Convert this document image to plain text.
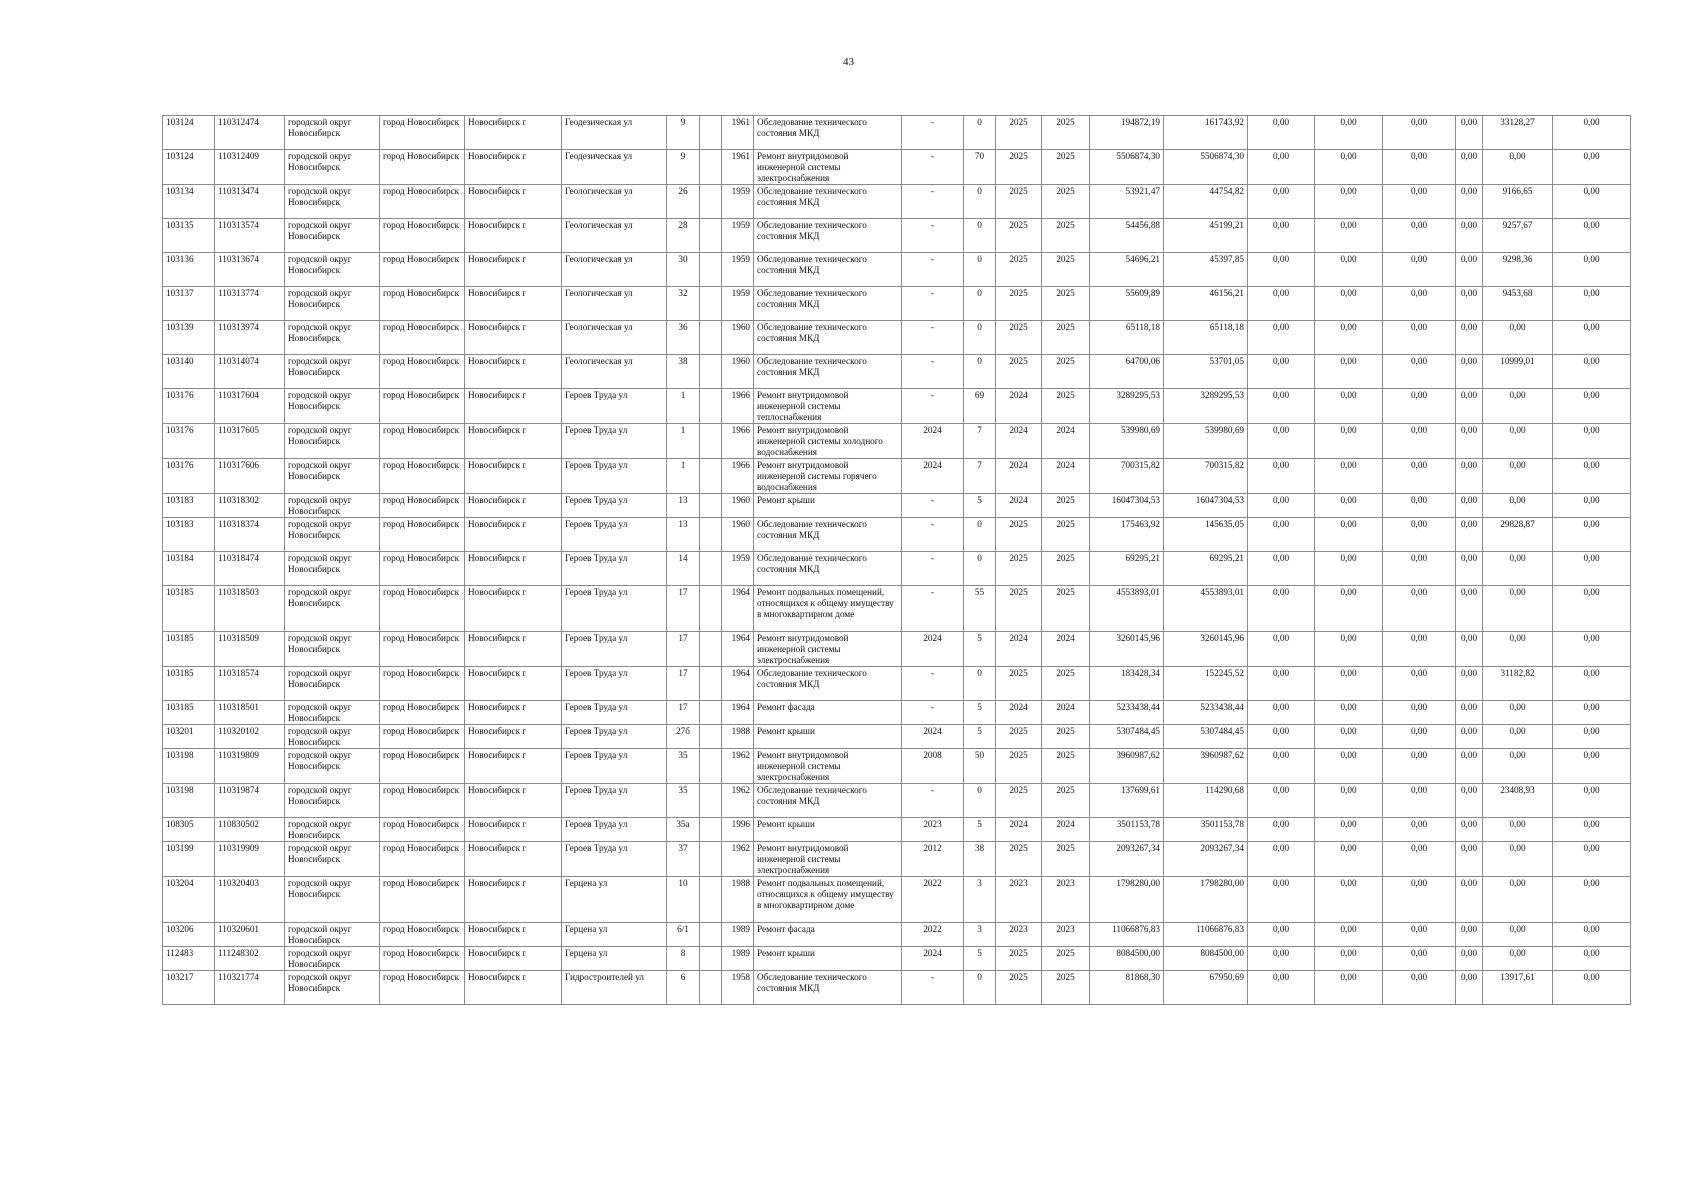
43
103124	110312474	городской округ Новосибирск	город Новосибирск	Новосибирск г	Геодезическая ул	9		1961	Обследование технического состояния МКД	-	0	2025	2025	194872,19	161743,92	0,00	0,00	0,00	0,00	33128,27	0,00
103124	110312409	городской округ Новосибирск	город Новосибирск	Новосибирск г	Геодезическая ул	9		1961	Ремонт внутридомовой инженерной системы электроснабжения	-	70	2025	2025	5506874,30	5506874,30	0,00	0,00	0,00	0,00	0,00	0,00
103134	110313474	городской округ Новосибирск	город Новосибирск	Новосибирск г	Геологическая ул	26		1959	Обследование технического состояния МКД	-	0	2025	2025	53921,47	44754,82	0,00	0,00	0,00	0,00	9166,65	0,00
103135	110313574	городской округ Новосибирск	город Новосибирск	Новосибирск г	Геологическая ул	28		1959	Обследование технического состояния МКД	-	0	2025	2025	54456,88	45199,21	0,00	0,00	0,00	0,00	9257,67	0,00
103136	110313674	городской округ Новосибирск	город Новосибирск	Новосибирск г	Геологическая ул	30		1959	Обследование технического состояния МКД	-	0	2025	2025	54696,21	45397,85	0,00	0,00	0,00	0,00	9298,36	0,00
103137	110313774	городской округ Новосибирск	город Новосибирск	Новосибирск г	Геологическая ул	32		1959	Обследование технического состояния МКД	-	0	2025	2025	55609,89	46156,21	0,00	0,00	0,00	0,00	9453,68	0,00
103139	110313974	городской округ Новосибирск	город Новосибирск	Новосибирск г	Геологическая ул	36		1960	Обследование технического состояния МКД	-	0	2025	2025	65118,18	65118,18	0,00	0,00	0,00	0,00	0,00	0,00
103140	110314074	городской округ Новосибирск	город Новосибирск	Новосибирск г	Геологическая ул	38		1960	Обследование технического состояния МКД	-	0	2025	2025	64700,06	53701,05	0,00	0,00	0,00	0,00	10999,01	0,00
103176	110317604	городской округ Новосибирск	город Новосибирск	Новосибирск г	Героев Труда ул	1		1966	Ремонт внутридомовой инженерной системы теплоснабжения	-	69	2024	2025	3289295,53	3289295,53	0,00	0,00	0,00	0,00	0,00	0,00
103176	110317605	городской округ Новосибирск	город Новосибирск	Новосибирск г	Героев Труда ул	1		1966	Ремонт внутридомовой инженерной системы холодного водоснабжения	2024	7	2024	2024	539980,69	539980,69	0,00	0,00	0,00	0,00	0,00	0,00
103176	110317606	городской округ Новосибирск	город Новосибирск	Новосибирск г	Героев Труда ул	1		1966	Ремонт внутридомовой инженерной системы горячего водоснабжения	2024	7	2024	2024	700315,82	700315,82	0,00	0,00	0,00	0,00	0,00	0,00
103183	110318302	городской округ Новосибирск	город Новосибирск	Новосибирск г	Героев Труда ул	13		1960	Ремонт крыши	-	5	2024	2025	16047304,53	16047304,53	0,00	0,00	0,00	0,00	0,00	0,00
103183	110318374	городской округ Новосибирск	город Новосибирск	Новосибирск г	Героев Труда ул	13		1960	Обследование технического состояния МКД	-	0	2025	2025	175463,92	145635,05	0,00	0,00	0,00	0,00	29828,87	0,00
103184	110318474	городской округ Новосибирск	город Новосибирск	Новосибирск г	Героев Труда ул	14		1959	Обследование технического состояния МКД	-	0	2025	2025	69295,21	69295,21	0,00	0,00	0,00	0,00	0,00	0,00
103185	110318503	городской округ Новосибирск	город Новосибирск	Новосибирск г	Героев Труда ул	17		1964	Ремонт подвальных помещений, относящихся к общему имуществу в многоквартирном доме	-	55	2025	2025	4553893,01	4553893,01	0,00	0,00	0,00	0,00	0,00	0,00
103185	110318509	городской округ Новосибирск	город Новосибирск	Новосибирск г	Героев Труда ул	17		1964	Ремонт внутридомовой инженерной системы электроснабжения	2024	5	2024	2024	3260145,96	3260145,96	0,00	0,00	0,00	0,00	0,00	0,00
103185	110318574	городской округ Новосибирск	город Новосибирск	Новосибирск г	Героев Труда ул	17		1964	Обследование технического состояния МКД	-	0	2025	2025	183428,34	152245,52	0,00	0,00	0,00	0,00	31182,82	0,00
103185	110318501	городской округ Новосибирск	город Новосибирск	Новосибирск г	Героев Труда ул	17		1964	Ремонт фасада	-	5	2024	2024	5233438,44	5233438,44	0,00	0,00	0,00	0,00	0,00	0,00
103201	110320102	городской округ Новосибирск	город Новосибирск	Новосибирск г	Героев Труда ул	27б		1988	Ремонт крыши	2024	5	2025	2025	5307484,45	5307484,45	0,00	0,00	0,00	0,00	0,00	0,00
103198	110319809	городской округ Новосибирск	город Новосибирск	Новосибирск г	Героев Труда ул	35		1962	Ремонт внутридомовой инженерной системы электроснабжения	2008	50	2025	2025	3960987,62	3960987,62	0,00	0,00	0,00	0,00	0,00	0,00
103198	110319874	городской округ Новосибирск	город Новосибирск	Новосибирск г	Героев Труда ул	35		1962	Обследование технического состояния МКД	-	0	2025	2025	137699,61	114290,68	0,00	0,00	0,00	0,00	23408,93	0,00
108305	110830502	городской округ Новосибирск	город Новосибирск	Новосибирск г	Героев Труда ул	35а		1996	Ремонт крыши	2023	5	2024	2024	3501153,78	3501153,78	0,00	0,00	0,00	0,00	0,00	0,00
103199	110319909	городской округ Новосибирск	город Новосибирск	Новосибирск г	Героев Труда ул	37		1962	Ремонт внутридомовой инженерной системы электроснабжения	2012	38	2025	2025	2093267,34	2093267,34	0,00	0,00	0,00	0,00	0,00	0,00
103204	110320403	городской округ Новосибирск	город Новосибирск	Новосибирск г	Герцена ул	10		1988	Ремонт подвальных помещений, относящихся к общему имуществу в многоквартирном доме	2022	3	2023	2023	1798280,00	1798280,00	0,00	0,00	0,00	0,00	0,00	0,00
103206	110320601	городской округ Новосибирск	город Новосибирск	Новосибирск г	Герцена ул	6/1		1989	Ремонт фасада	2022	3	2023	2023	11066876,83	11066876,83	0,00	0,00	0,00	0,00	0,00	0,00
112483	111248302	городской округ Новосибирск	город Новосибирск	Новосибирск г	Герцена ул	8		1989	Ремонт крыши	2024	5	2025	2025	8084500,00	8084500,00	0,00	0,00	0,00	0,00	0,00	0,00
103217	110321774	городской округ Новосибирск	город Новосибирск	Новосибирск г	Гидростроителей ул	6		1958	Обследование технического состояния МКД	-	0	2025	2025	81868,30	67950,69	0,00	0,00	0,00	0,00	13917,61	0,00
